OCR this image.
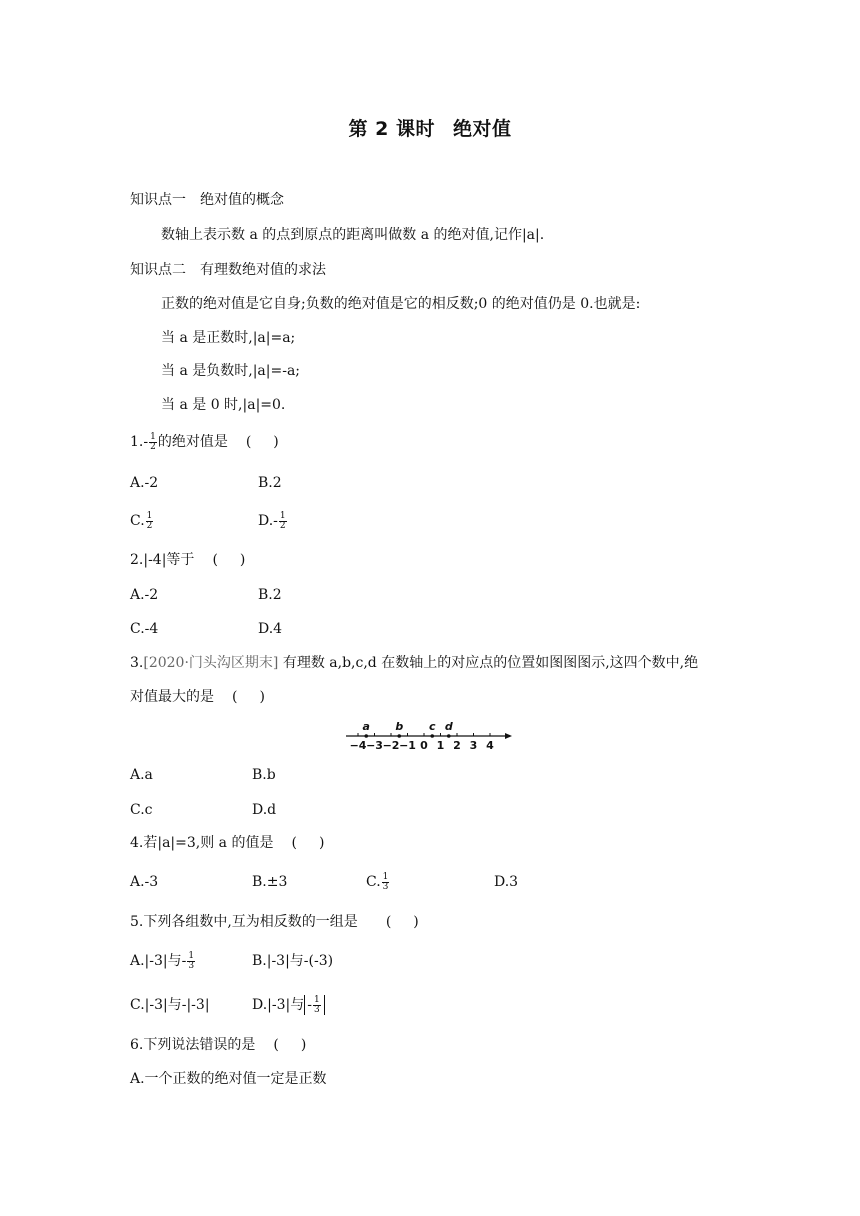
第 2 课时 绝对值
知识点一　绝对值的概念
数轴上表示数 a 的点到原点的距离叫做数 a 的绝对值,记作|a|.
知识点二　有理数绝对值的求法
正数的绝对值是它自身;负数的绝对值是它的相反数;0 的绝对值仍是 0.也就是:
当 a 是正数时,|a|=a;
当 a 是负数时,|a|=-a;
当 a 是 0 时,|a|=0.
$1.- \frac{1}{2}$ 的绝对值是 ( )
A.-2	B.2
C. $\frac{1}{2}$	$D.- \frac{1}{2}$
2.|-4|等于 ( )
A.-2	B.2
C.-4	D.4
3.[2020·门头沟区期末] 有理数 a,b,c,d 在数轴上的对应点的位置如图图图示,这四个数中,绝
对值最大的是 ( )
−4 −3 −2 −1 0 1 2 3 4
a b c d
A.a	B.b
C.c	D.d
4.若|a|=3,则 a 的值是 ( )
A.-3	B.±3	C. $\frac{1}{3}$	D.3
5.下列各组数中,互为相反数的一组是 ( )
A.|-3|与- $\frac{1}{3}$	B.|-3|与-(-3)
C.|-3|与-|-3|	D.|-3|与 - $\frac{1}{3}$
6.下列说法错误的是 ( )
A.一个正数的绝对值一定是正数
